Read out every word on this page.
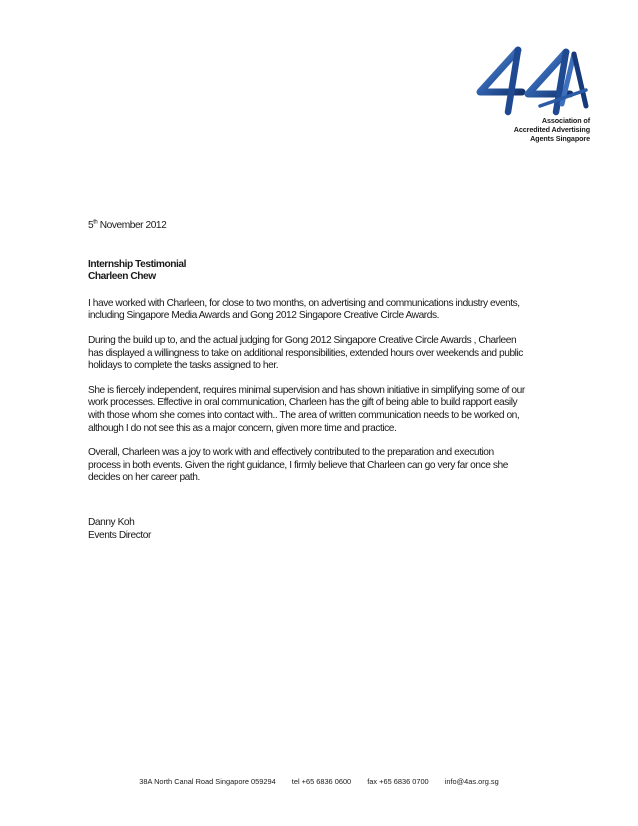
Association of
Accredited Advertising
Agents Singapore
5th November 2012
Internship Testimonial
Charleen Chew
I have worked with Charleen, for close to two months, on advertising and communications industry events,
including Singapore Media Awards and Gong 2012 Singapore Creative Circle Awards.
During the build up to, and the actual judging for Gong 2012 Singapore Creative Circle Awards , Charleen
has displayed a willingness to take on additional responsibilities, extended hours over weekends and public
holidays to complete the tasks assigned to her.
She is fiercely independent, requires minimal supervision and has shown initiative in simplifying some of our
work processes. Effective in oral communication, Charleen has the gift of being able to build rapport easily
with those whom she comes into contact with.. The area of written communication needs to be worked on,
although I do not see this as a major concern, given more time and practice.
Overall, Charleen was a joy to work with and effectively contributed to the preparation and execution
process in both events. Given the right guidance, I firmly believe that Charleen can go very far once she
decides on her career path.
Danny Koh
Events Director
38A North Canal Road Singapore 059294 tel +65 6836 0600 fax +65 6836 0700 info@4as.org.sg
